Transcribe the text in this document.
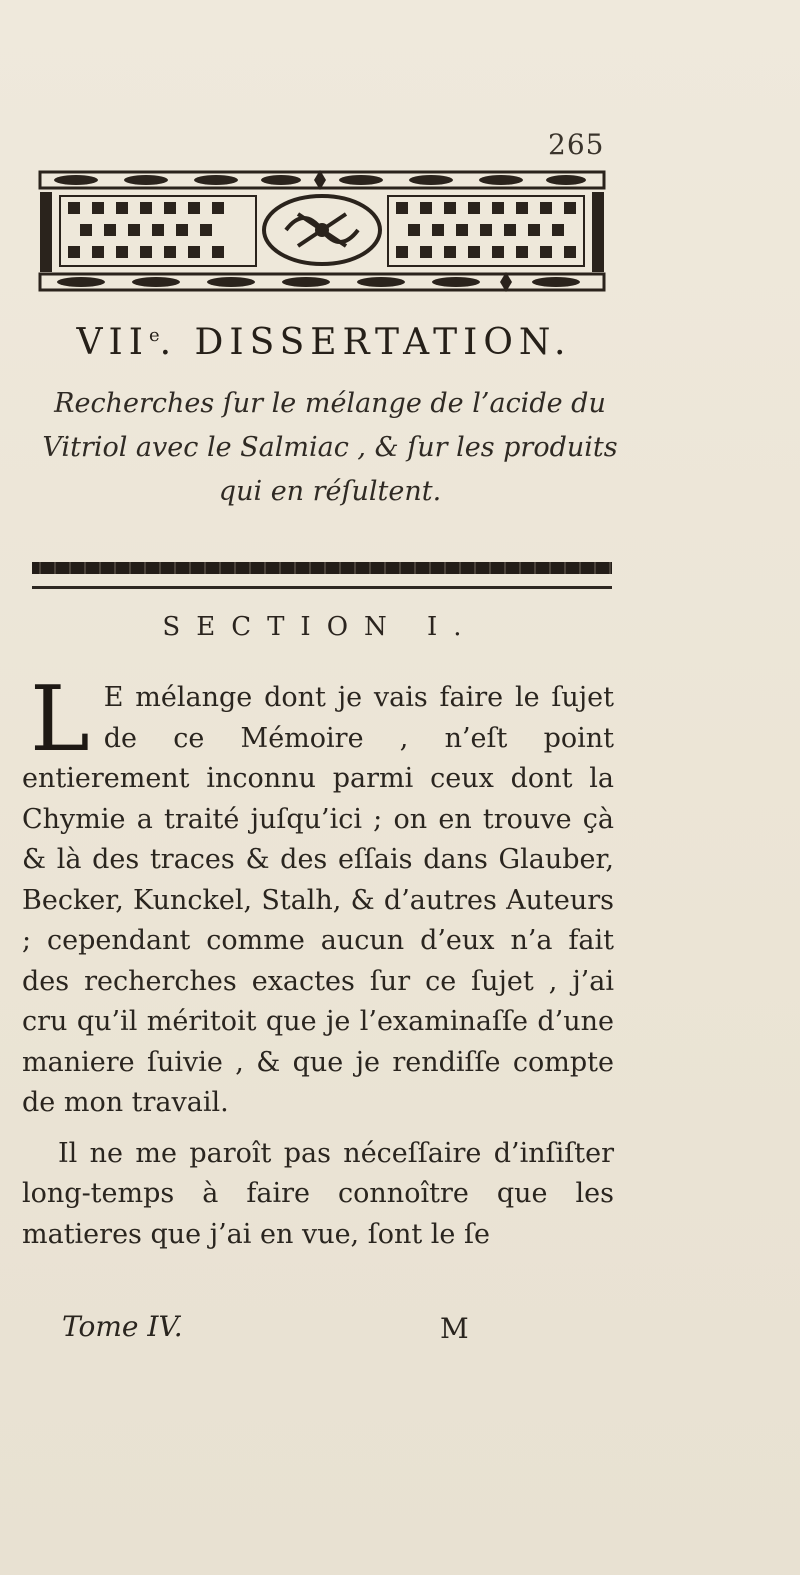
265
VIIe. DISSERTATION.
Recherches ſur le mélange de l’acide du Vitriol avec le Salmiac , & ſur les produits qui en réſultent.
SECTION I.

L E mélange dont je vais faire le ſujet de ce Mémoire , n’eſt point entierement inconnu parmi ceux dont la Chymie a traité juſqu’ici ; on en trouve çà & là des traces & des eſſais dans Glauber, Becker, Kunckel, Stalh, & d’autres Auteurs ; cependant comme aucun d’eux n’a fait des recherches exactes ſur ce ſujet , j’ai cru qu’il méritoit que je l’examinaſſe d’une maniere ſuivie , & que je rendiſſe compte de mon travail.

Il ne me paroît pas néceſſaire d’inſiſter long-temps à faire connoître que les matieres que j’ai en vue, ſont le ſe

Tome IV.	M
